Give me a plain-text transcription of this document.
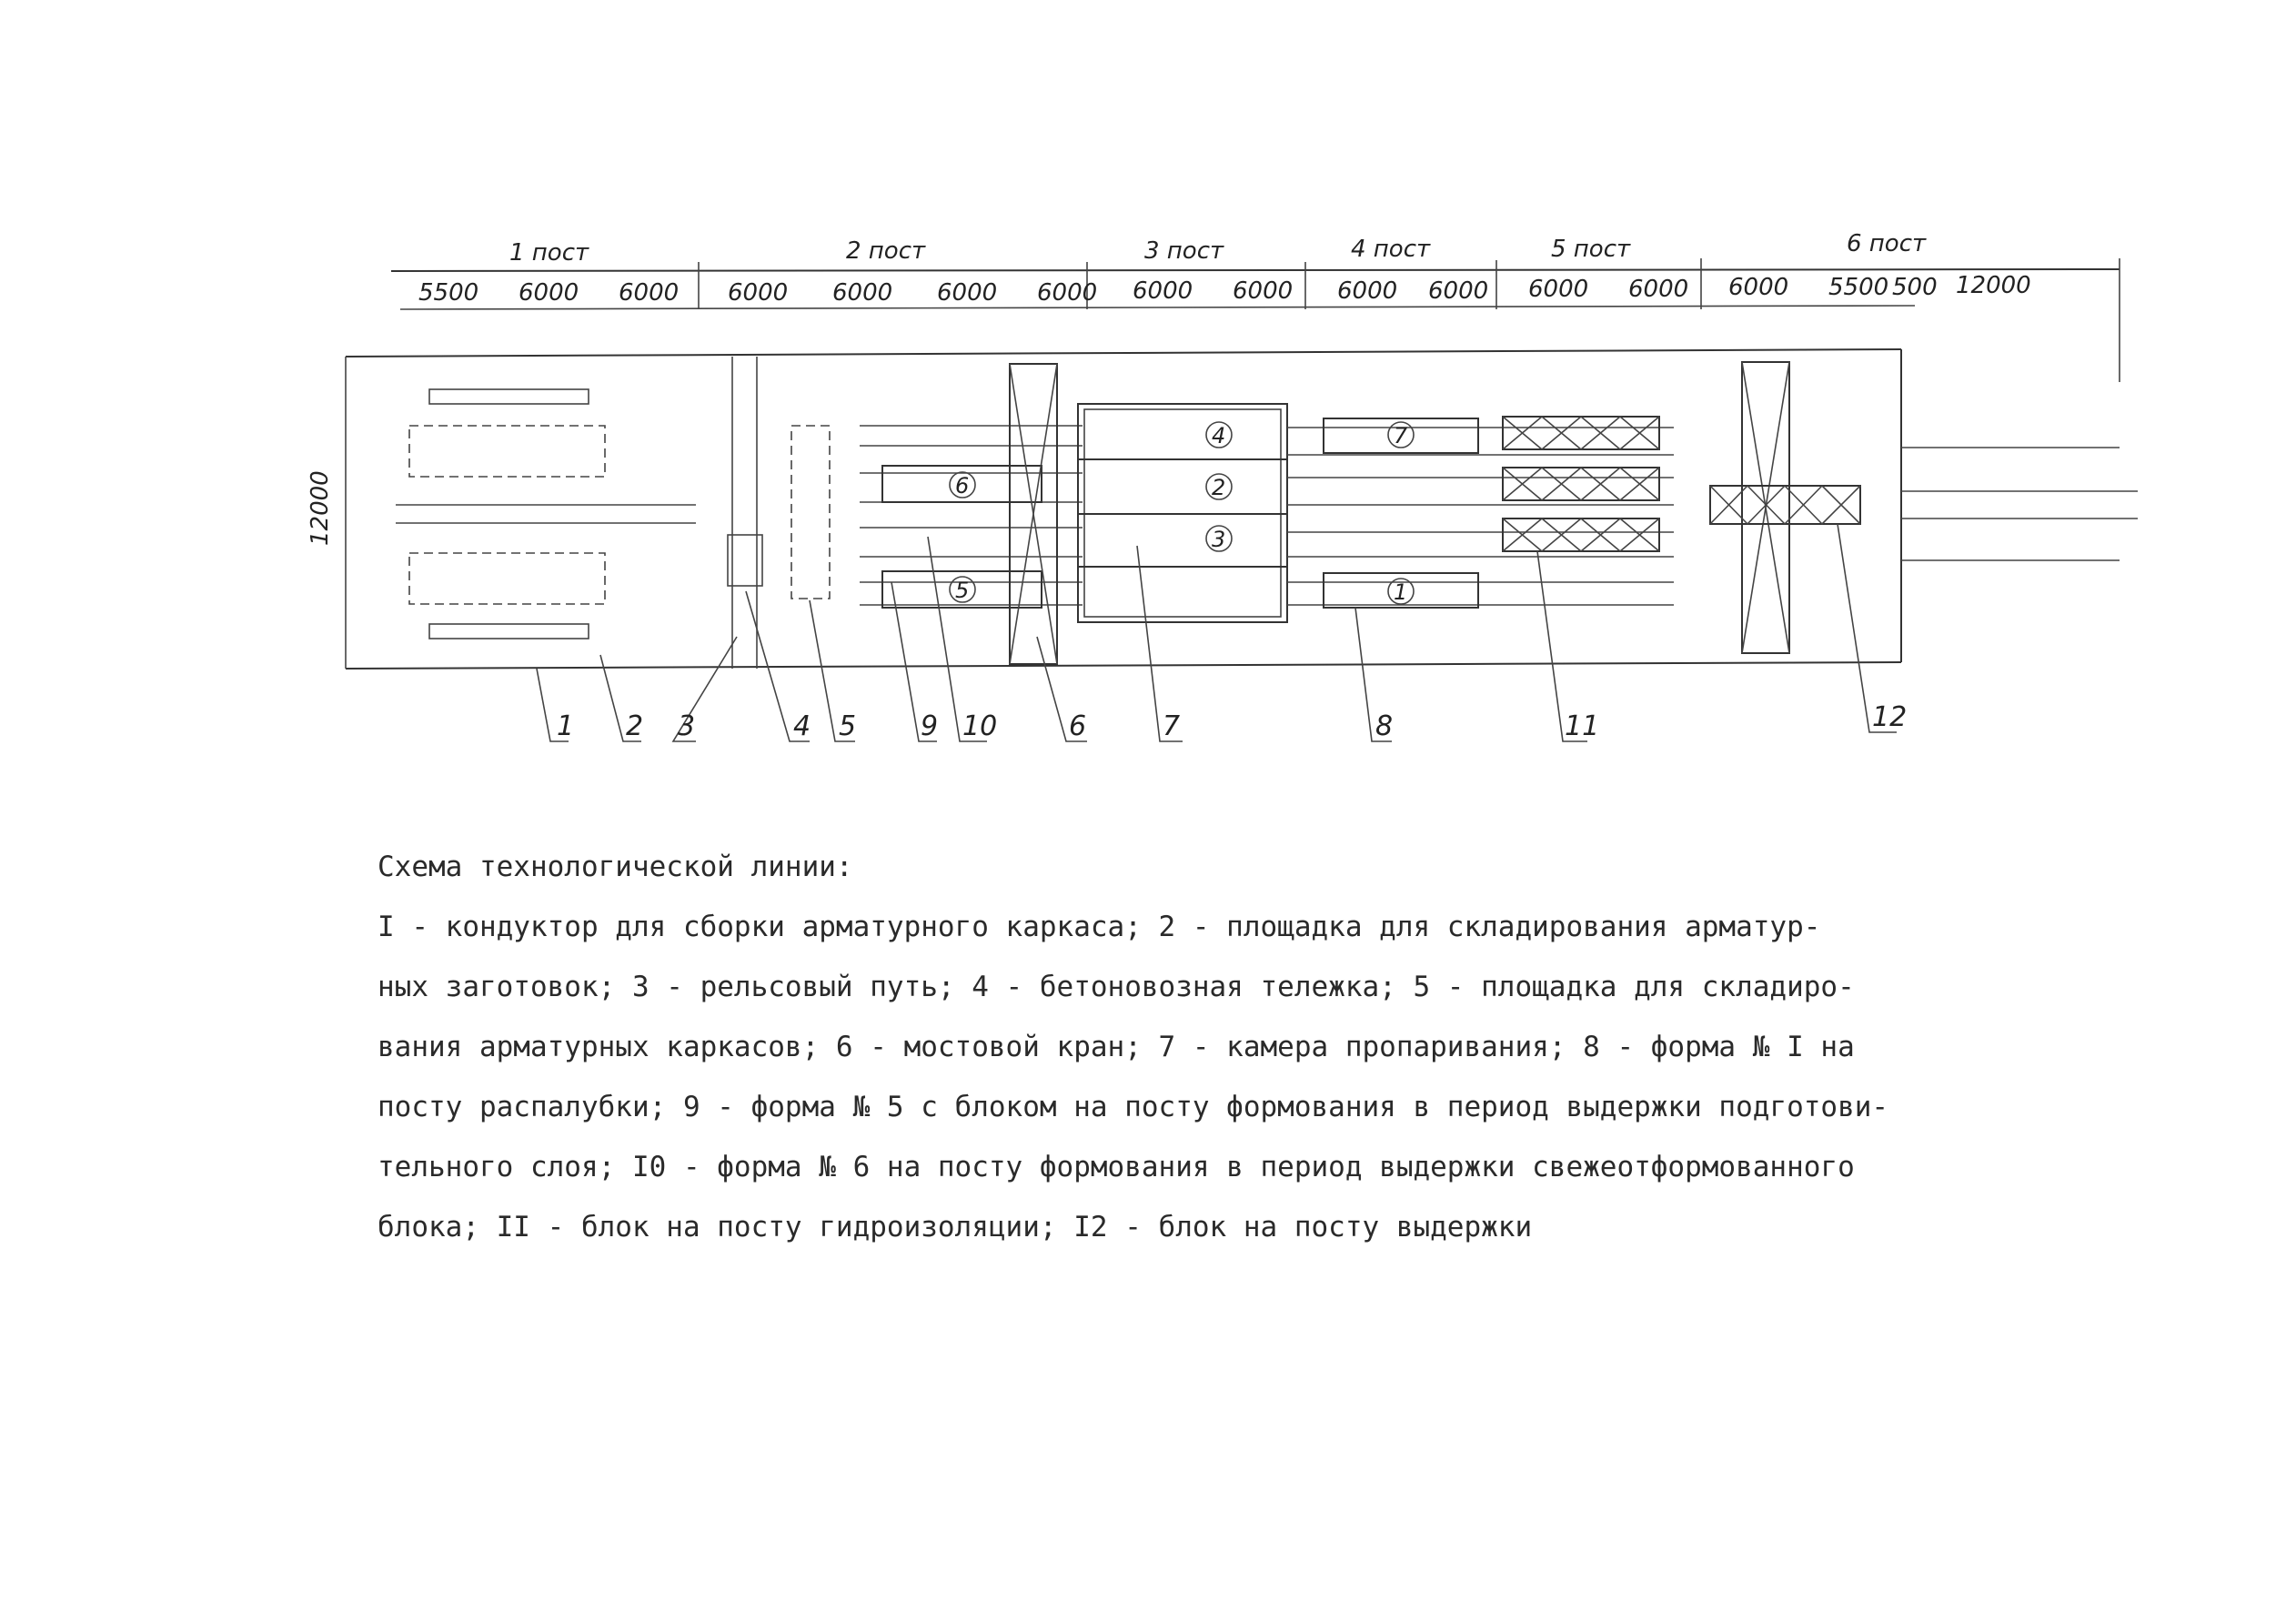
1 пост	2 пост	3 пост	4 пост	5 пост	6 пост
5500 6000 6000 6000 6000 6000 6000 6000 6000 6000 6000 6000 6000 6000 5500 500 12000
12000
4
2
3
7
6
5	1
1 2 3	4 5 9 10	6	7	8	11	12

Схема технологической линии:

I - кондуктор для сборки арматурного каркаса; 2 - площадка для складирования арматур-

ных заготовок; 3 - рельсовый путь; 4 - бетоновозная тележка; 5 - площадка для складиро-

вания арматурных каркасов; 6 - мостовой кран; 7 - камера пропаривания; 8 - форма № I на

посту распалубки; 9 - форма № 5 с блоком на посту формования в период выдержки подготови-

тельного слоя; I0 - форма № 6 на посту формования в период выдержки свежеотформованного

блока; II - блок на посту гидроизоляции; I2 - блок на посту выдержки
